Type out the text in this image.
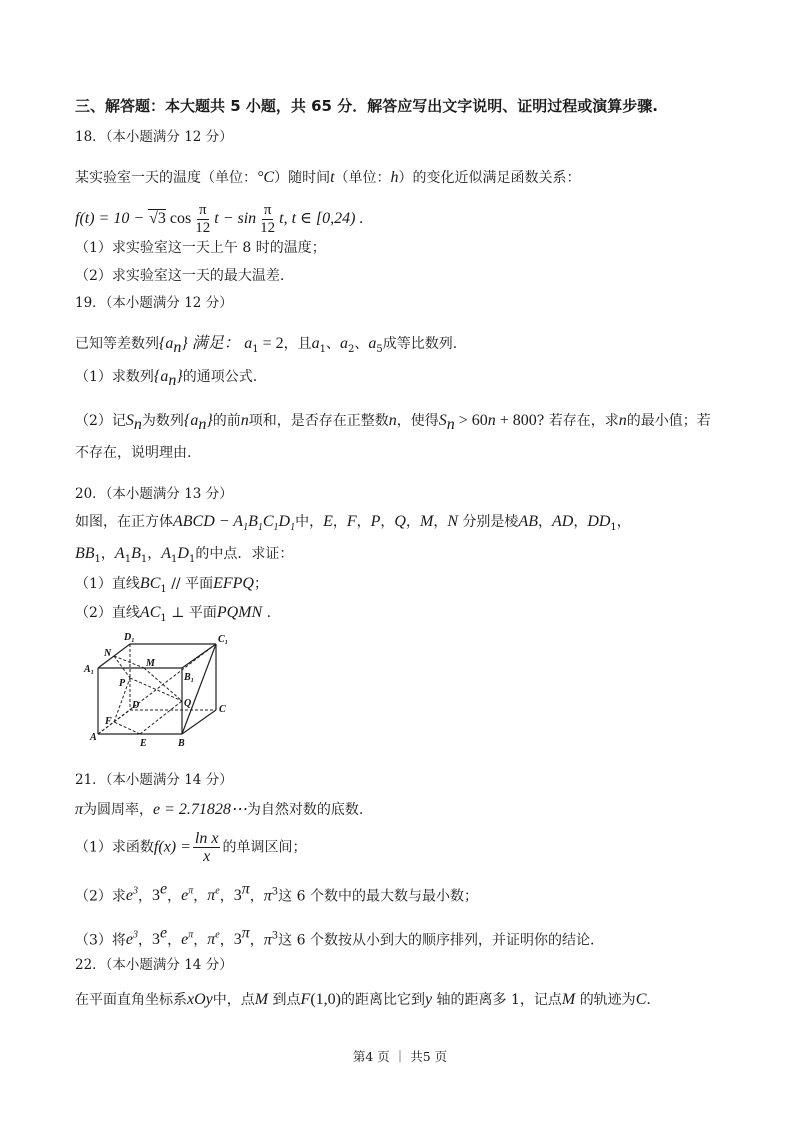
三、解答题：本大题共 5 小题，共 65 分．解答应写出文字说明、证明过程或演算步骤.
18．（本小题满分 12 分）
某实验室一天的温度（单位：°C）随时间t（单位：h）的变化近似满足函数关系：
f(t) = 10 − √3 $\cos \frac{\pi}{12}$ $t - \sin \frac{\pi}{12} t$, t ∈ [0,24) .
（1）求实验室这一天上午 8 时的温度；
（2）求实验室这一天的最大温差.
19．（本小题满分 12 分）
已知等差数列$\{a_n\}$ 满足： $a_1 = 2$，且$a_1$、$a_2$、$a_5$成等比数列.
（1）求数列$\{a_n\}$的通项公式.
（2）记$S_n$为数列$\{a_n\}$的前n项和，是否存在正整数n，使得$S_n > 60n + 800$? 若存在，求n的最小值；若
不存在，说明理由.
20．（本小题满分 13 分）
如图，在正方体ABCD − $A_1B_1C_1D_1$中，E，F，P，Q，M，N 分别是棱AB，AD，$DD_1$，
$BB_1$，$A_1B_1$，$A_1D_1$的中点．求证：
（1）直线$BC_1$ // 平面EFPQ；
（2）直线$AC_1$ ⊥ 平面PQMN .
D₁	C₁
N
M
A₁
B₁
P
Q
D	C
F
A
E	B
21．（本小题满分 14 分）
π为圆周率，e = 2.71828⋯为自然对数的底数.
（1）求函数$f(x) = \frac{\text{ln x}}{x}$ 的单调区间；
（2）求$e^3$，3e，$e^\pi$，$\pi^e$，$3^\pi$，$\pi^3$这 6 个数中的最大数与最小数；
（3）将$e^3$，3e，$e^\pi$，$\pi^e$，$3^\pi$，$\pi^3$这 6 个数按从小到大的顺序排列，并证明你的结论.
22．（本小题满分 14 分）
在平面直角坐标系xOy中，点M 到点F(1,0)的距离比它到y 轴的距离多 1，记点M 的轨迹为C.
第4 页 ｜ 共5 页
